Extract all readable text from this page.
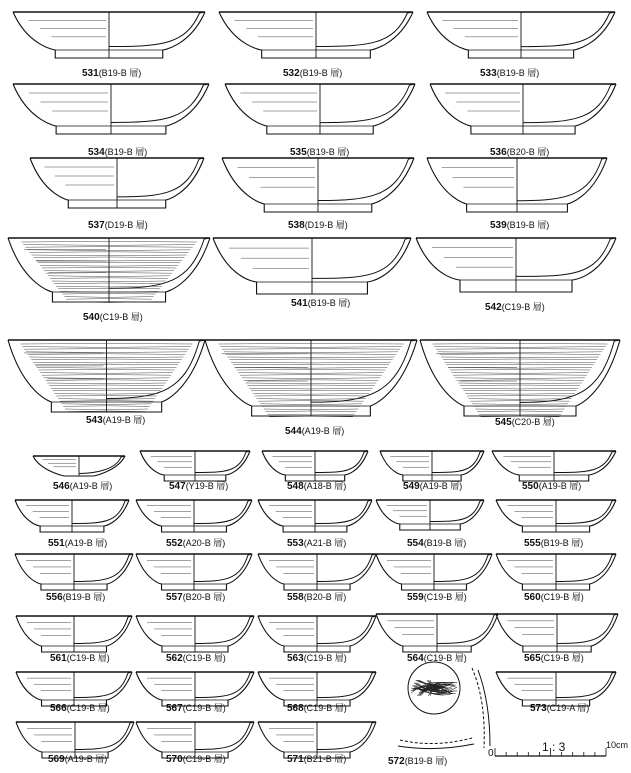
531(B19-B 層)	532(B19-B 層)	533(B19-B 層)
534(B19-B 層)	535(B19-B 層)	536(B20-B 層)
537(D19-B 層)	538(D19-B 層)	539(B19-B 層)
540(C19-B 層)
541(B19-B 層)	542(C19-B 層)
543(A19-B 層)
544(A19-B 層)
545(C20-B 層)
546(A19-B 層)	547(Y19-B 層)	548(A18-B 層)	549(A19-B 層)	550(A19-B 層)
551(A19-B 層)	552(A20-B 層)	553(A21-B 層)	554(B19-B 層)	555(B19-B 層)
556(B19-B 層)	557(B20-B 層)	558(B20-B 層)	559(C19-B 層)	560(C19-B 層)
561(C19-B 層)	562(C19-B 層)	563(C19-B 層)	564(C19-B 層)	565(C19-B 層)
566(C19-B 層)	567(C19-B 層)	568(C19-B 層)
569(A19-B 層)	570(C19-B 層)	571(B21-B 層)	572(B19-B 層)
573(C19-A 層)
0	1 : 3	10cm
